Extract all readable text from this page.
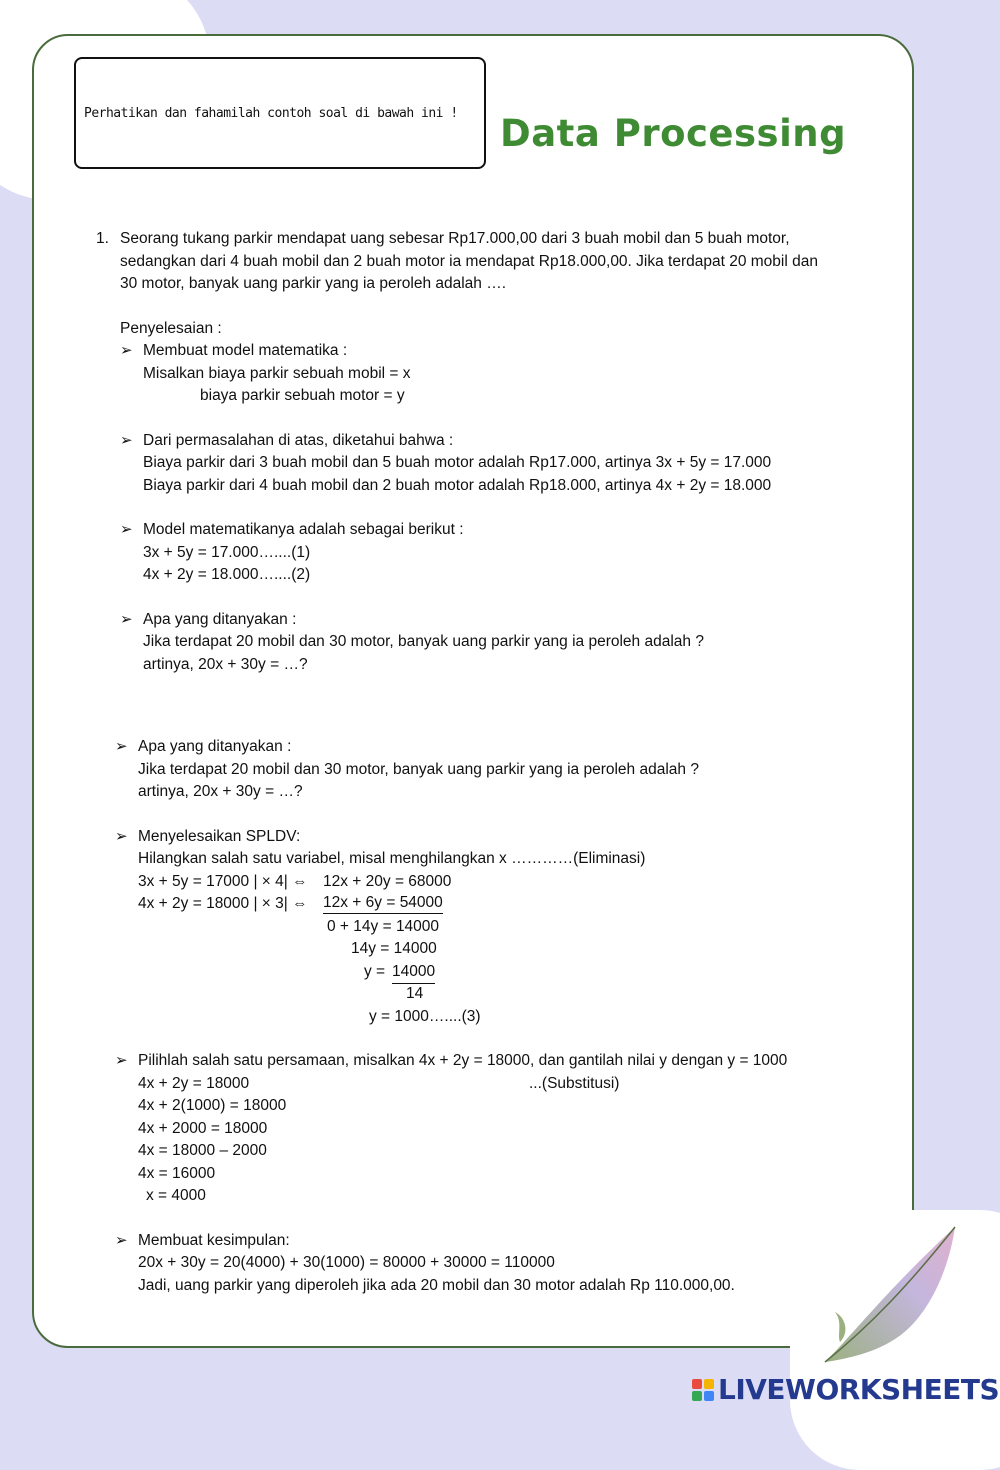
Perhatikan dan fahamilah contoh soal di bawah ini ! Data Processing
1. Seorang tukang parkir mendapat uang sebesar Rp17.000,00 dari 3 buah mobil dan 5 buah motor,
sedangkan dari 4 buah mobil dan 2 buah motor ia mendapat Rp18.000,00. Jika terdapat 20 mobil dan
30 motor, banyak uang parkir yang ia peroleh adalah ….
Penyelesaian :
➢ Membuat model matematika :
Misalkan biaya parkir sebuah mobil = x
biaya parkir sebuah motor = y
➢ Dari permasalahan di atas, diketahui bahwa :
Biaya parkir dari 3 buah mobil dan 5 buah motor adalah Rp17.000, artinya 3x + 5y = 17.000
Biaya parkir dari 4 buah mobil dan 2 buah motor adalah Rp18.000, artinya 4x + 2y = 18.000
➢ Model matematikanya adalah sebagai berikut :
3x + 5y = 17.000…....(1)
4x + 2y = 18.000…....(2)
➢ Apa yang ditanyakan :
Jika terdapat 20 mobil dan 30 motor, banyak uang parkir yang ia peroleh adalah ?
artinya, 20x + 30y = …?
➢ Apa yang ditanyakan :
Jika terdapat 20 mobil dan 30 motor, banyak uang parkir yang ia peroleh adalah ?
artinya, 20x + 30y = …?
➢ Menyelesaikan SPLDV:
Hilangkan salah satu variabel, misal menghilangkan x …………(Eliminasi)
3x + 5y = 17000 | × 4| ⇔ 12x + 20y = 68000
4x + 2y = 18000 | × 3| ⇔ 12x + 6y = 54000
0 + 14y = 14000
14y = 14000
y = 14000
14
y = 1000…....(3)
➢ Pilihlah salah satu persamaan, misalkan 4x + 2y = 18000, dan gantilah nilai y dengan y = 1000
4x + 2y = 18000	...(Substitusi)
4x + 2(1000) = 18000
4x + 2000 = 18000
4x = 18000 – 2000
4x = 16000
x = 4000
➢ Membuat kesimpulan:
20x + 30y = 20(4000) + 30(1000) = 80000 + 30000 = 110000
Jadi, uang parkir yang diperoleh jika ada 20 mobil dan 30 motor adalah Rp 110.000,00.
LIVEWORKSHEETS
